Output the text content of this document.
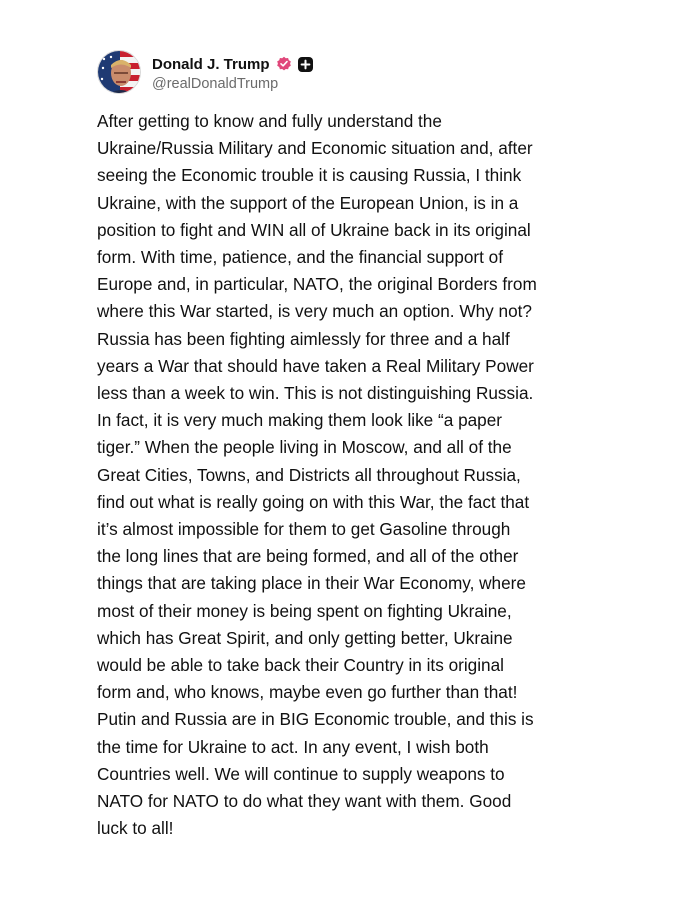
Donald J. Trump
@realDonaldTrump

After getting to know and fully understand the
Ukraine/Russia Military and Economic situation and, after
seeing the Economic trouble it is causing Russia, I think
Ukraine, with the support of the European Union, is in a
position to fight and WIN all of Ukraine back in its original
form. With time, patience, and the financial support of
Europe and, in particular, NATO, the original Borders from
where this War started, is very much an option. Why not?
Russia has been fighting aimlessly for three and a half
years a War that should have taken a Real Military Power
less than a week to win. This is not distinguishing Russia.
In fact, it is very much making them look like “a paper
tiger.” When the people living in Moscow, and all of the
Great Cities, Towns, and Districts all throughout Russia,
find out what is really going on with this War, the fact that
it’s almost impossible for them to get Gasoline through
the long lines that are being formed, and all of the other
things that are taking place in their War Economy, where
most of their money is being spent on fighting Ukraine,
which has Great Spirit, and only getting better, Ukraine
would be able to take back their Country in its original
form and, who knows, maybe even go further than that!
Putin and Russia are in BIG Economic trouble, and this is
the time for Ukraine to act. In any event, I wish both
Countries well. We will continue to supply weapons to
NATO for NATO to do what they want with them. Good
luck to all!
